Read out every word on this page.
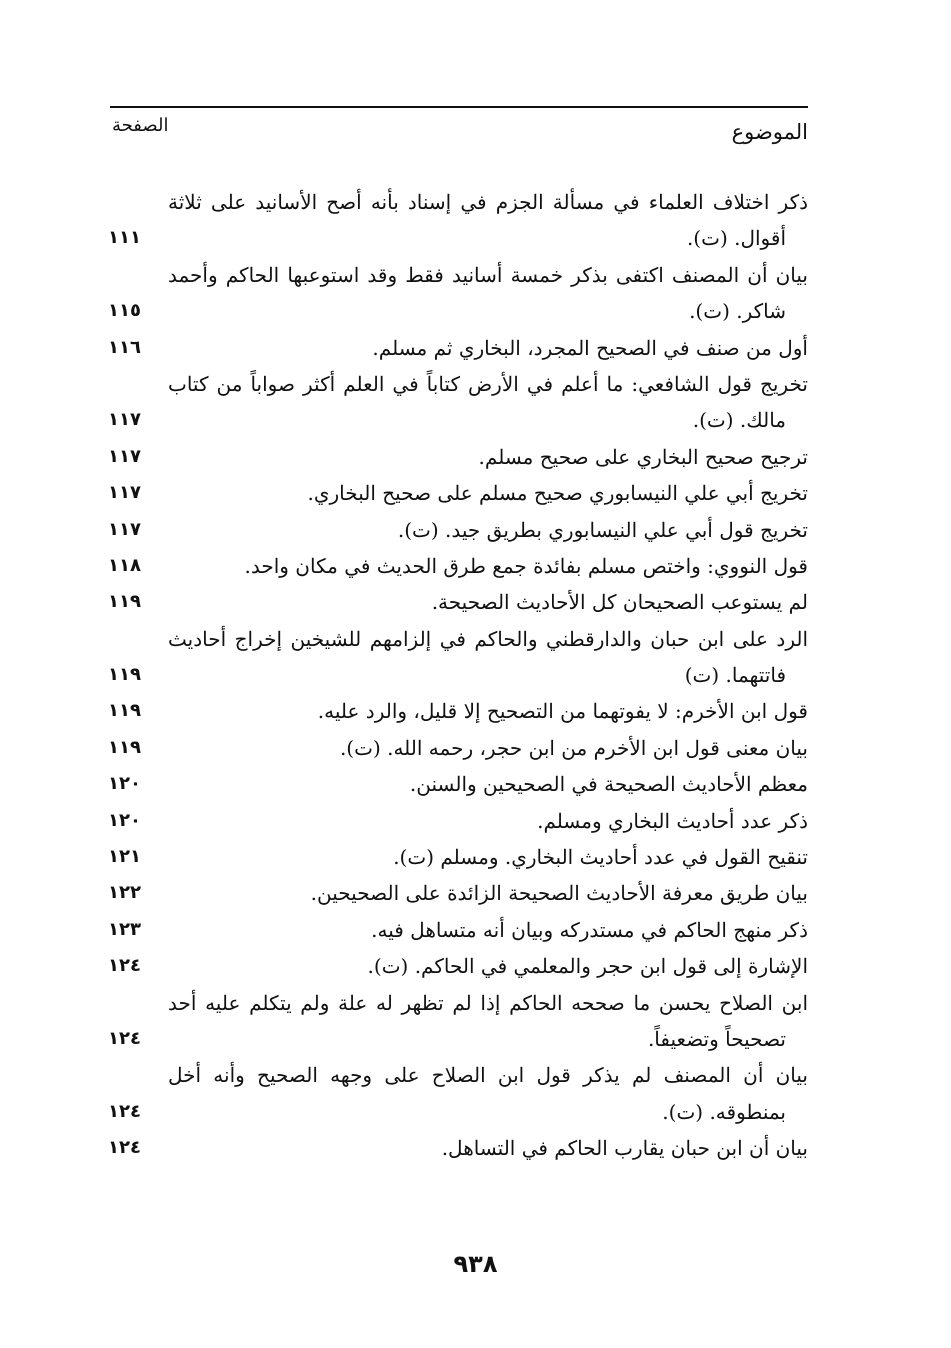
الموضوع
الصفحة
ذكر اختلاف العلماء في مسألة الجزم في إسناد بأنه أصح الأسانيد على ثلاثة
أقوال. (ت).
١١١
بيان أن المصنف اكتفى بذكر خمسة أسانيد فقط وقد استوعبها الحاكم وأحمد
شاكر. (ت).
١١٥
أول من صنف في الصحيح المجرد، البخاري ثم مسلم.
١١٦
تخريج قول الشافعي: ما أعلم في الأرض كتاباً في العلم أكثر صواباً من كتاب
مالك. (ت).
١١٧
ترجيح صحيح البخاري على صحيح مسلم.
١١٧
تخريج أبي علي النيسابوري صحيح مسلم على صحيح البخاري.
١١٧
تخريج قول أبي علي النيسابوري بطريق جيد. (ت).
١١٧
قول النووي: واختص مسلم بفائدة جمع طرق الحديث في مكان واحد.
١١٨
لم يستوعب الصحيحان كل الأحاديث الصحيحة.
١١٩
الرد على ابن حبان والدارقطني والحاكم في إلزامهم للشيخين إخراج أحاديث
فاتتهما. (ت)
١١٩
قول ابن الأخرم: لا يفوتهما من التصحيح إلا قليل، والرد عليه.
١١٩
بيان معنى قول ابن الأخرم من ابن حجر، رحمه الله. (ت).
١١٩
معظم الأحاديث الصحيحة في الصحيحين والسنن.
١٢٠
ذكر عدد أحاديث البخاري ومسلم.
١٢٠
تنقيح القول في عدد أحاديث البخاري. ومسلم (ت).
١٢١
بيان طريق معرفة الأحاديث الصحيحة الزائدة على الصحيحين.
١٢٢
ذكر منهج الحاكم في مستدركه وبيان أنه متساهل فيه.
١٢٣
الإشارة إلى قول ابن حجر والمعلمي في الحاكم. (ت).
١٢٤
ابن الصلاح يحسن ما صححه الحاكم إذا لم تظهر له علة ولم يتكلم عليه أحد
تصحيحاً وتضعيفاً.
١٢٤
بيان أن المصنف لم يذكر قول ابن الصلاح على وجهه الصحيح وأنه أخل
بمنطوقه. (ت).
١٢٤
بيان أن ابن حبان يقارب الحاكم في التساهل.
١٢٤
٩٣٨
